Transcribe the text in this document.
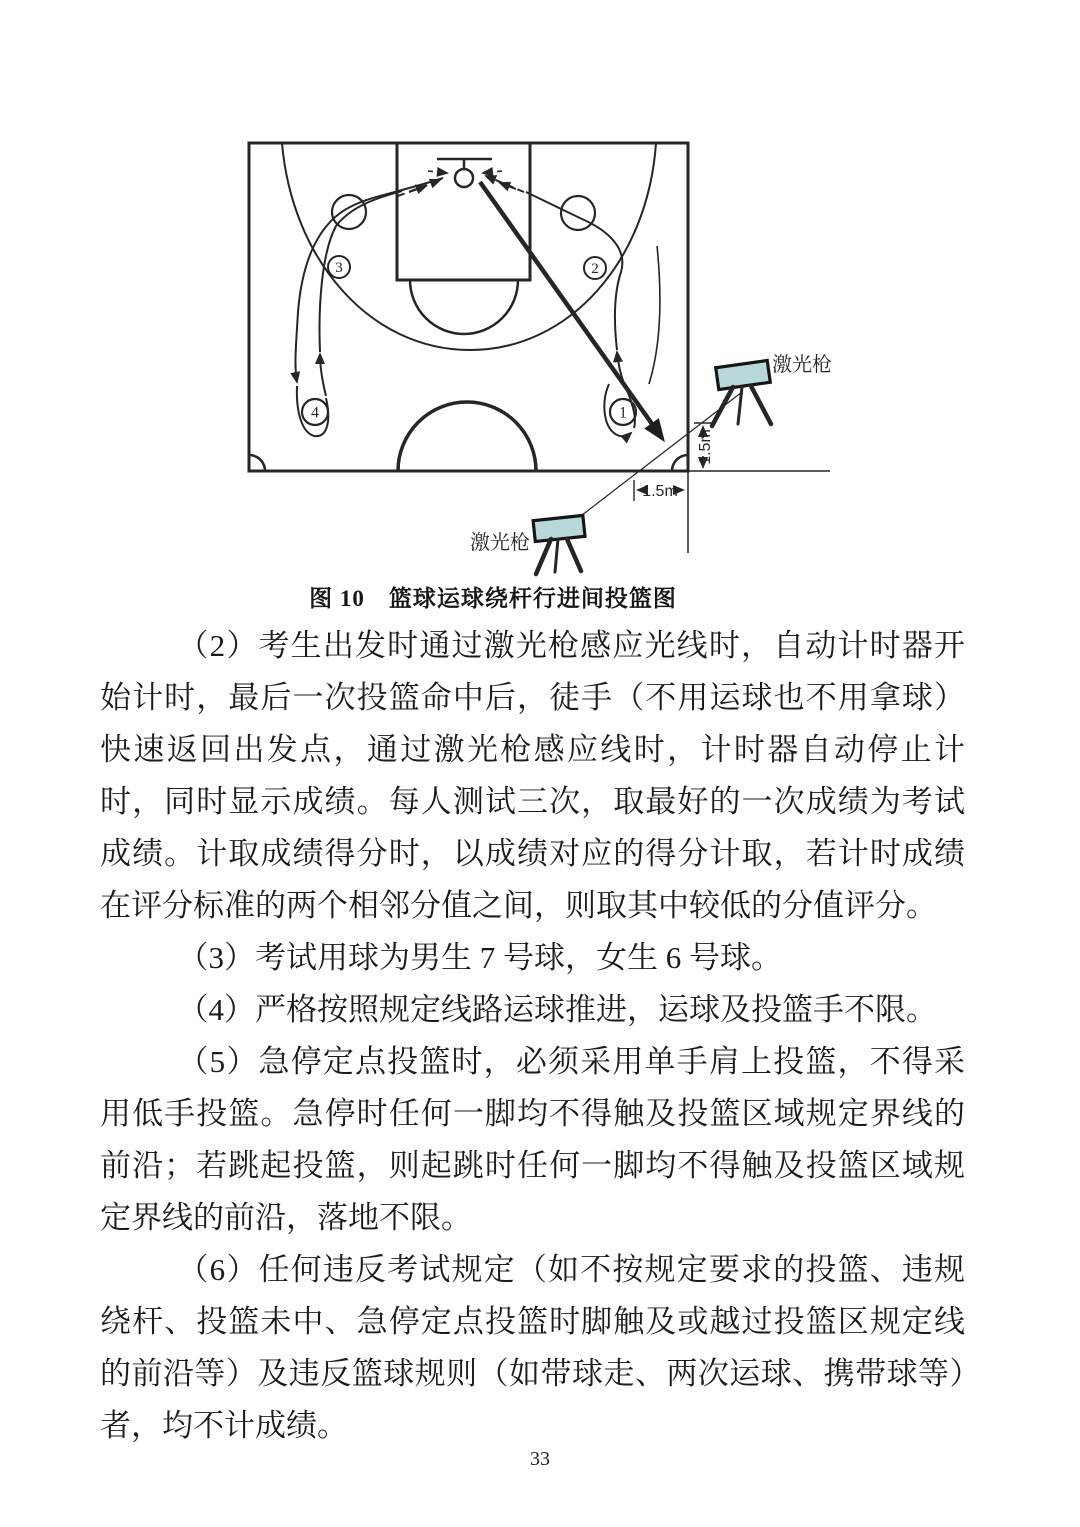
3	2
4	1
1.5m
1.5m
激光枪
激光枪
图 10　篮球运球绕杆行进间投篮图

（2）考生出发时通过激光枪感应光线时，自动计时器开始计时，最后一次投篮命中后，徒手（不用运球也不用拿球）快速返回出发点，通过激光枪感应线时，计时器自动停止计时，同时显示成绩。每人测试三次，取最好的一次成绩为考试成绩。计取成绩得分时，以成绩对应的得分计取，若计时成绩在评分标准的两个相邻分值之间，则取其中较低的分值评分。

（3）考试用球为男生 7 号球，女生 6 号球。

（4）严格按照规定线路运球推进，运球及投篮手不限。

（5）急停定点投篮时，必须采用单手肩上投篮，不得采用低手投篮。急停时任何一脚均不得触及投篮区域规定界线的前沿；若跳起投篮，则起跳时任何一脚均不得触及投篮区域规定界线的前沿，落地不限。

（6）任何违反考试规定（如不按规定要求的投篮、违规绕杆、投篮未中、急停定点投篮时脚触及或越过投篮区规定线的前沿等）及违反篮球规则（如带球走、两次运球、携带球等）者，均不计成绩。

33
